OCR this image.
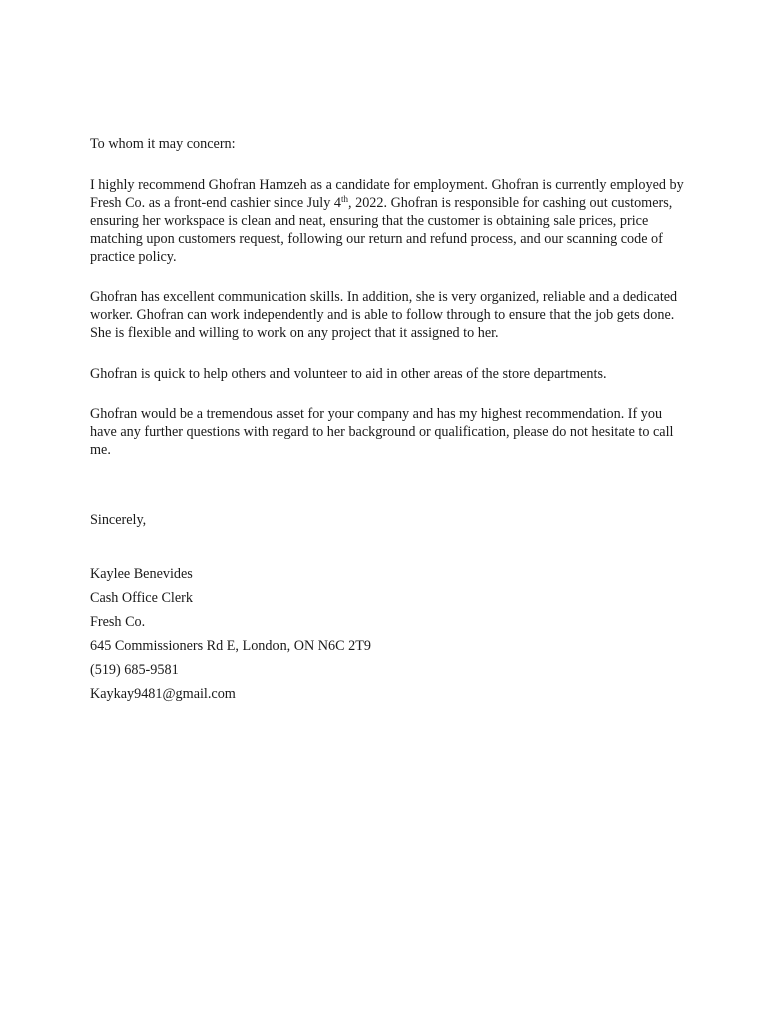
To whom it may concern:

I highly recommend Ghofran Hamzeh as a candidate for employment. Ghofran is currently employed by Fresh Co. as a front-end cashier since July 4th, 2022. Ghofran is responsible for cashing out customers, ensuring her workspace is clean and neat, ensuring that the customer is obtaining sale prices, price matching upon customers request, following our return and refund process, and our scanning code of practice policy.

Ghofran has excellent communication skills. In addition, she is very organized, reliable and a dedicated worker. Ghofran can work independently and is able to follow through to ensure that the job gets done. She is flexible and willing to work on any project that it assigned to her.

Ghofran is quick to help others and volunteer to aid in other areas of the store departments.

Ghofran would be a tremendous asset for your company and has my highest recommendation. If you have any further questions with regard to her background or qualification, please do not hesitate to call me.

Sincerely,

Kaylee Benevides
Cash Office Clerk
Fresh Co.
645 Commissioners Rd E, London, ON N6C 2T9
(519) 685-9581
Kaykay9481@gmail.com
